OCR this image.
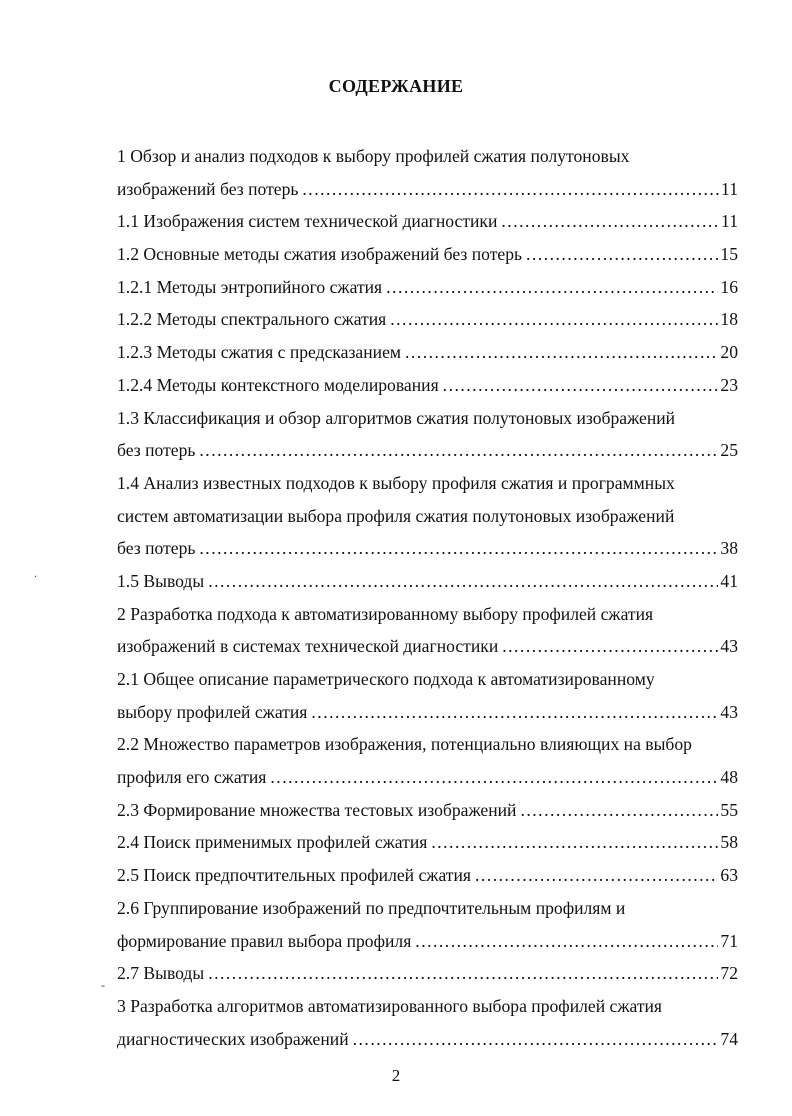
СОДЕРЖАНИЕ
1 Обзор и анализ подходов к выбору профилей сжатия полутоновых
изображений без потерь .....	11
1.1 Изображения систем технической диагностики .....	11
1.2 Основные методы сжатия изображений без потерь .....	15
1.2.1 Методы энтропийного сжатия .....	16
1.2.2 Методы спектрального сжатия .....	18
1.2.3 Методы сжатия с предсказанием .....	20
1.2.4 Методы контекстного моделирования .....	23
1.3 Классификация и обзор алгоритмов сжатия полутоновых изображений
без потерь .....	25
1.4 Анализ известных подходов к выбору профиля сжатия и программных
систем автоматизации выбора профиля сжатия полутоновых изображений
без потерь .....	38
1.5 Выводы .....	41
2 Разработка подхода к автоматизированному выбору профилей сжатия
изображений в системах технической диагностики .....	43
2.1 Общее описание параметрического подхода к автоматизированному
выбору профилей сжатия .....	43
2.2 Множество параметров изображения, потенциально влияющих на выбор
профиля его сжатия .....	48
2.3 Формирование множества тестовых изображений .....	55
2.4 Поиск применимых профилей сжатия .....	58
2.5 Поиск предпочтительных профилей сжатия .....	63
2.6 Группирование изображений по предпочтительным профилям и
формирование правил выбора профиля .....	71
2.7 Выводы .....	72
3 Разработка алгоритмов автоматизированного выбора профилей сжатия
диагностических изображений .....	74
.
-
2
